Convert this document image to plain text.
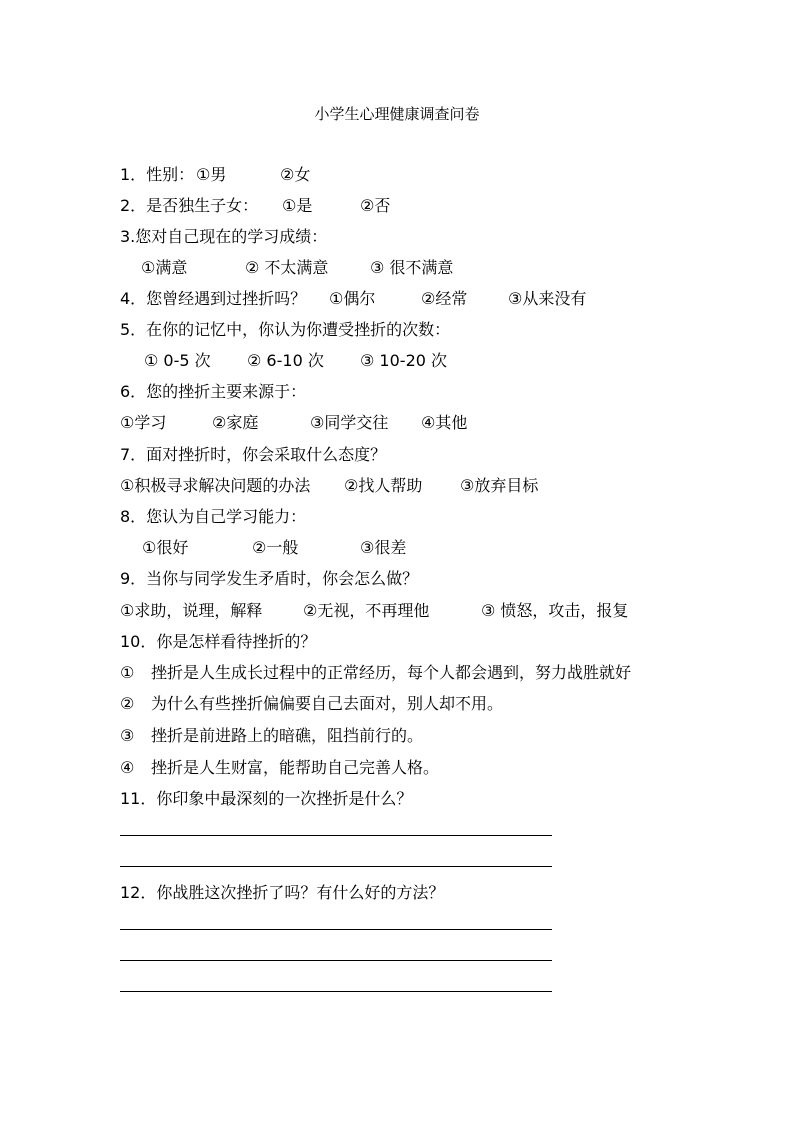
小学生心理健康调查问卷
1．性别： ①男	②女
2．是否独生子女： ①是	②否
3.您对自己现在的学习成绩：
①满意	② 不太满意	③ 很不满意
4．您曾经遇到过挫折吗？ ①偶尔	②经常	③从来没有
5．在你的记忆中，你认为你遭受挫折的次数：
① 0-5 次 ② 6-10 次 ③ 10-20 次
6．您的挫折主要来源于：
①学习	②家庭	③同学交往 ④其他
7．面对挫折时，你会采取什么态度？
①积极寻求解决问题的办法 ②找人帮助 ③放弃目标
8．您认为自己学习能力：
①很好	②一般	③很差
9．当你与同学发生矛盾时，你会怎么做？
①求助，说理，解释	②无视，不再理他	③ 愤怒，攻击，报复
10．你是怎样看待挫折的？
① 挫折是人生成长过程中的正常经历，每个人都会遇到，努力战胜就好
② 为什么有些挫折偏偏要自己去面对，别人却不用。
③ 挫折是前进路上的暗礁，阻挡前行的。
④ 挫折是人生财富，能帮助自己完善人格。
11．你印象中最深刻的一次挫折是什么？
12．你战胜这次挫折了吗？有什么好的方法？
